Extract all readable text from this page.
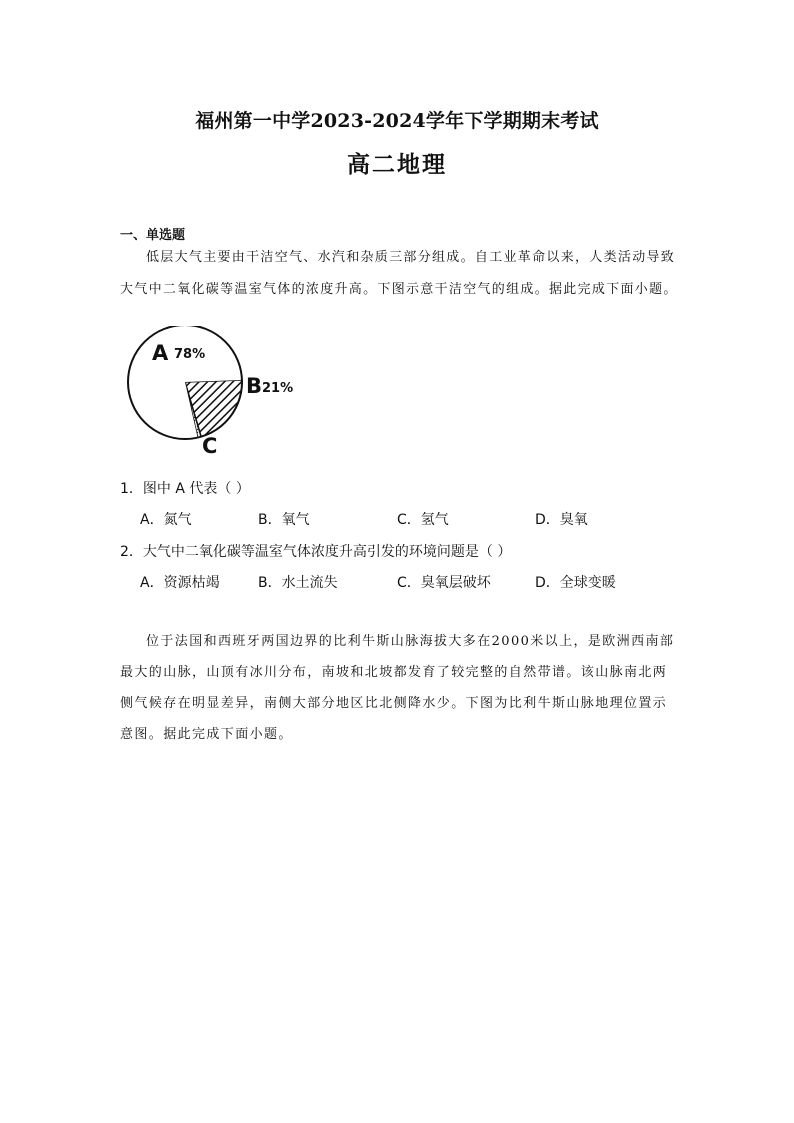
福州第一中学2023-2024学年下学期期末考试
高二地理
一、单选题
低层大气主要由干洁空气、水汽和杂质三部分组成。自工业革命以来，人类活动导致大气中二氧化碳等温室气体的浓度升高。下图示意干洁空气的组成。据此完成下面小题。
A 78%
B 21%
C
1．图中 A 代表（ ）
A．氮气	B．氧气	C．氢气	D．臭氧
2．大气中二氧化碳等温室气体浓度升高引发的环境问题是（ ）
A．资源枯竭	B．水土流失	C．臭氧层破坏	D．全球变暖
位于法国和西班牙两国边界的比利牛斯山脉海拔大多在2000米以上，是欧洲西南部最大的山脉，山顶有冰川分布，南坡和北坡都发育了较完整的自然带谱。该山脉南北两侧气候存在明显差异，南侧大部分地区比北侧降水少。下图为比利牛斯山脉地理位置示意图。据此完成下面小题。
